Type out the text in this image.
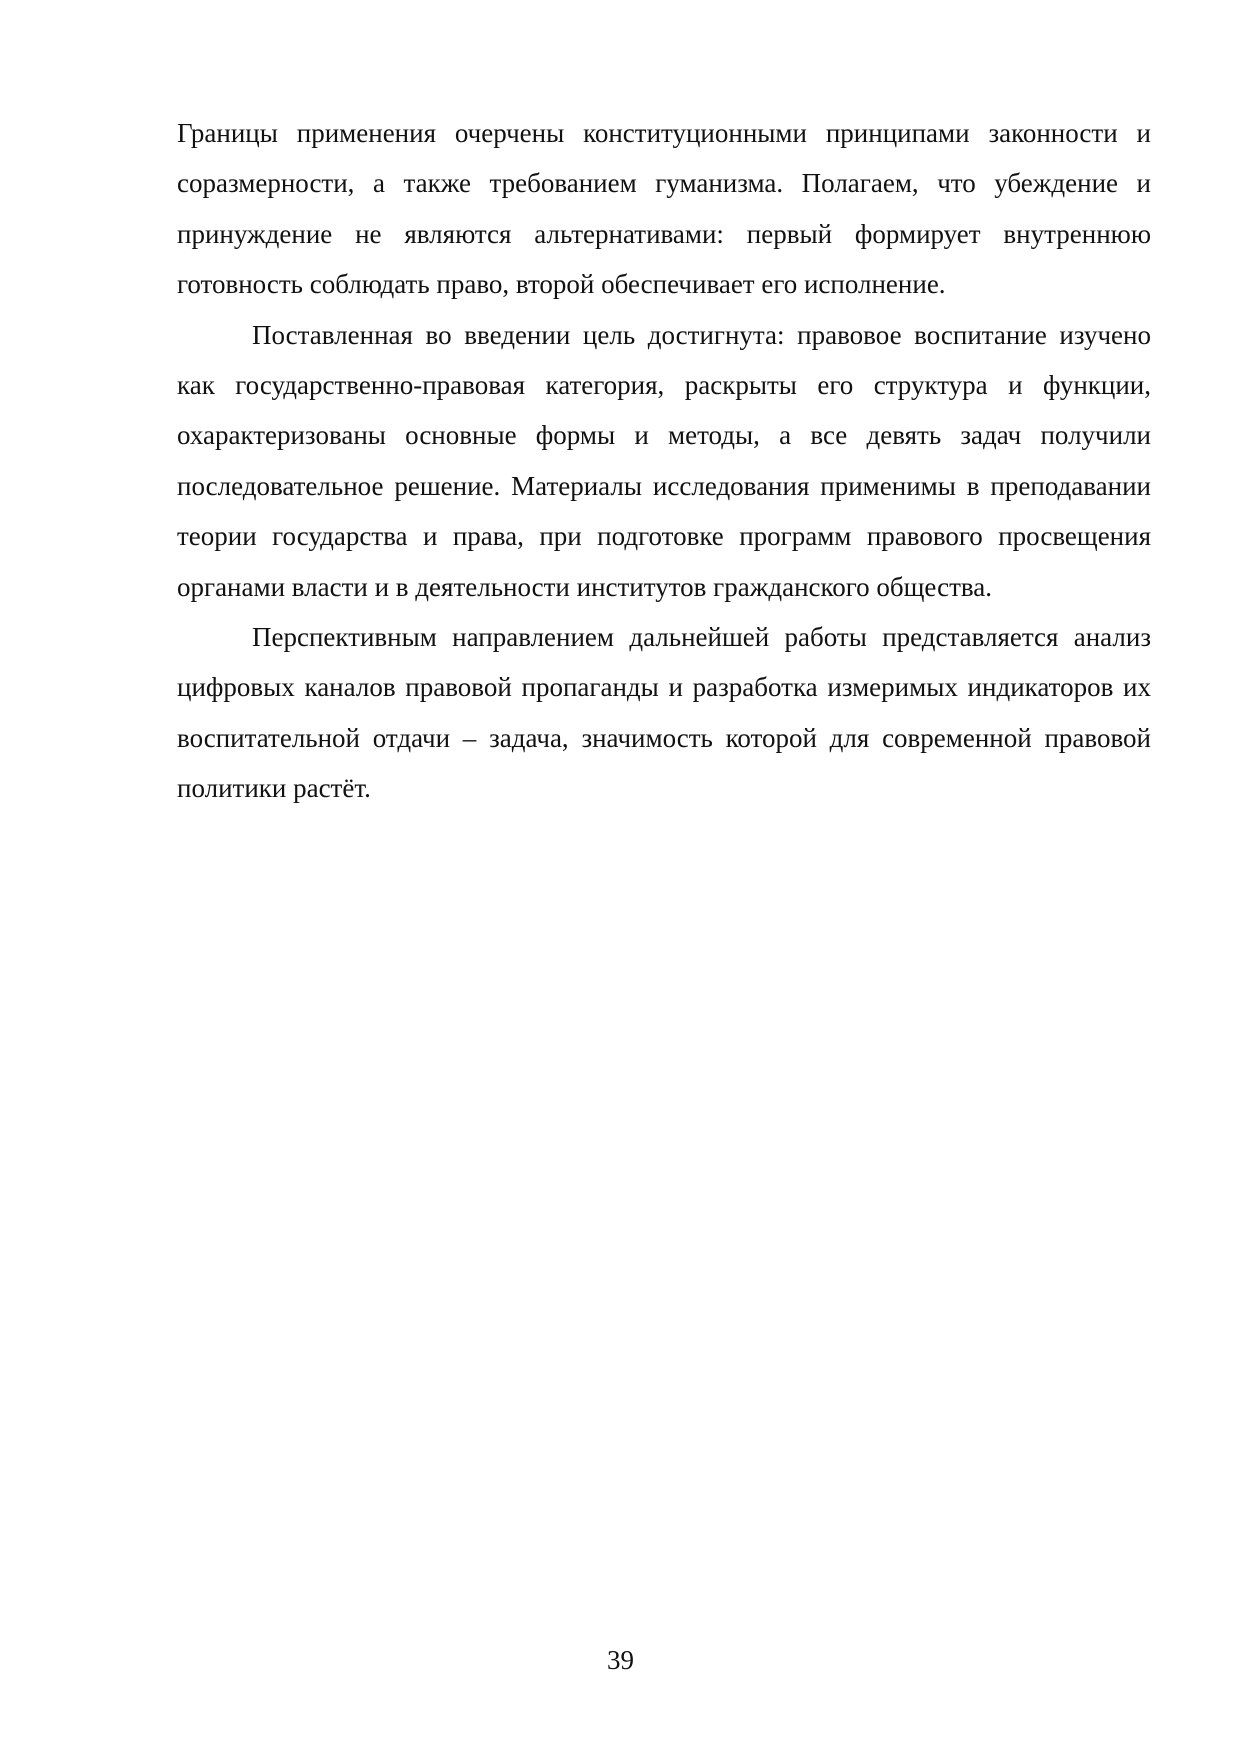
Границы применения очерчены конституционными принципами законности и соразмерности, а также требованием гуманизма. Полагаем, что убеждение и принуждение не являются альтернативами: первый формирует внутреннюю готовность соблюдать право, второй обеспечивает его исполнение.

Поставленная во введении цель достигнута: правовое воспитание изучено как государственно-правовая категория, раскрыты его структура и функции, охарактеризованы основные формы и методы, а все девять задач получили последовательное решение. Материалы исследования применимы в преподавании теории государства и права, при подготовке программ правового просвещения органами власти и в деятельности институтов гражданского общества.

Перспективным направлением дальнейшей работы представляется анализ цифровых каналов правовой пропаганды и разработка измеримых индикаторов их воспитательной отдачи – задача, значимость которой для современной правовой политики растёт.

39
